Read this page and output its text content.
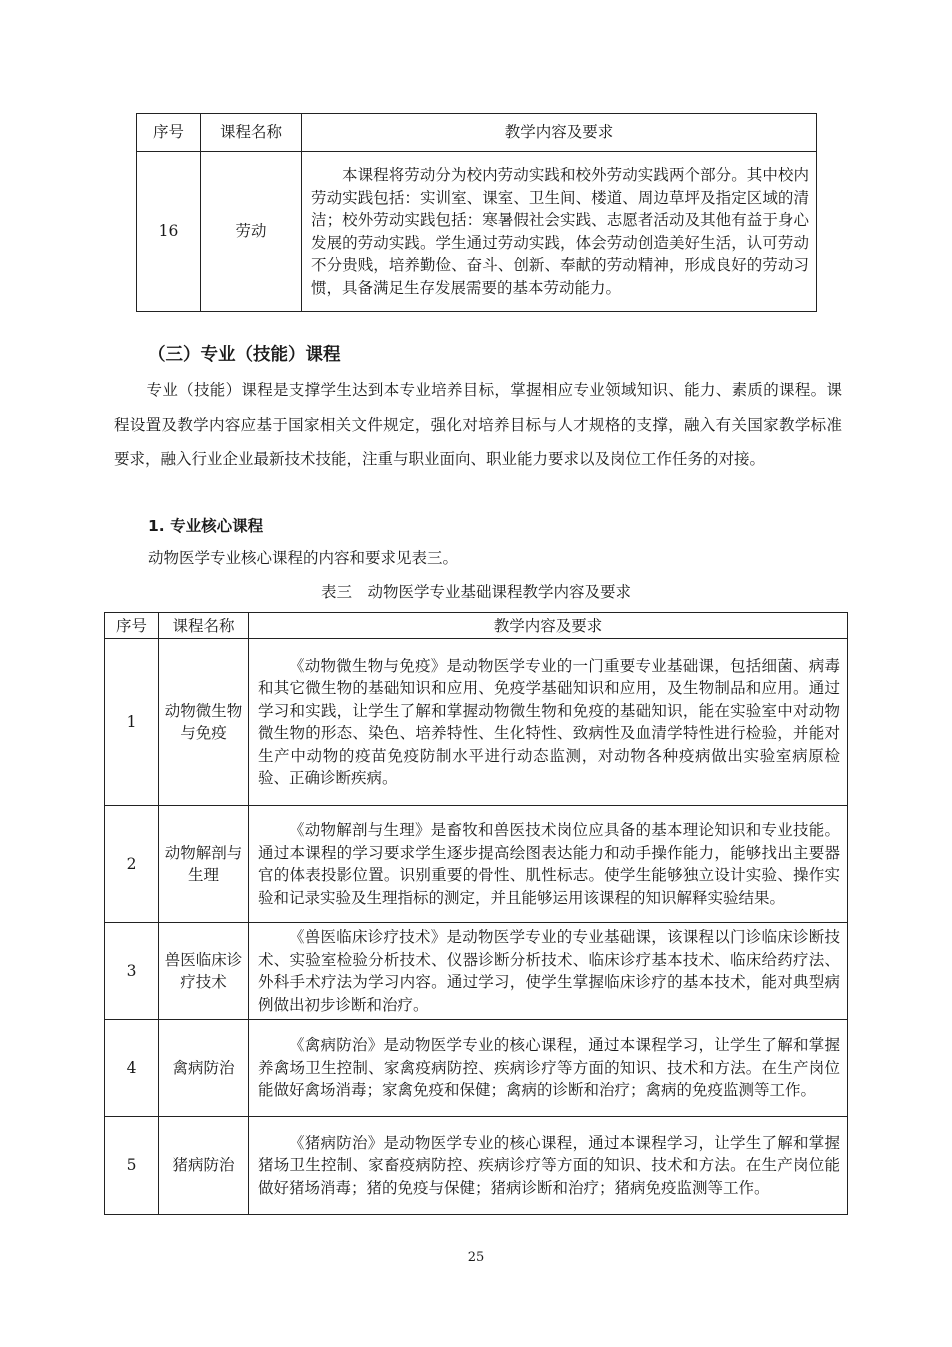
序号	课程名称	教学内容及要求
16	劳动	本课程将劳动分为校内劳动实践和校外劳动实践两个部分。其中校内劳动实践包括：实训室、课室、卫生间、楼道、周边草坪及指定区域的清洁；校外劳动实践包括：寒暑假社会实践、志愿者活动及其他有益于身心发展的劳动实践。学生通过劳动实践，体会劳动创造美好生活，认可劳动不分贵贱，培养勤俭、奋斗、创新、奉献的劳动精神，形成良好的劳动习惯，具备满足生存发展需要的基本劳动能力。
（三）专业（技能）课程
专业（技能）课程是支撑学生达到本专业培养目标，掌握相应专业领域知识、能力、素质的课程。课程设置及教学内容应基于国家相关文件规定，强化对培养目标与人才规格的支撑，融入有关国家教学标准要求，融入行业企业最新技术技能，注重与职业面向、职业能力要求以及岗位工作任务的对接。
1. 专业核心课程
动物医学专业核心课程的内容和要求见表三。
表三　动物医学专业基础课程教学内容及要求
序号	课程名称	教学内容及要求
1	动物微生物与免疫	《动物微生物与免疫》是动物医学专业的一门重要专业基础课，包括细菌、病毒和其它微生物的基础知识和应用、免疫学基础知识和应用，及生物制品和应用。通过学习和实践，让学生了解和掌握动物微生物和免疫的基础知识，能在实验室中对动物微生物的形态、染色、培养特性、生化特性、致病性及血清学特性进行检验，并能对生产中动物的疫苗免疫防制水平进行动态监测，对动物各种疫病做出实验室病原检验、正确诊断疾病。
2	动物解剖与生理	《动物解剖与生理》是畜牧和兽医技术岗位应具备的基本理论知识和专业技能。通过本课程的学习要求学生逐步提高绘图表达能力和动手操作能力，能够找出主要器官的体表投影位置。识别重要的骨性、肌性标志。使学生能够独立设计实验、操作实验和记录实验及生理指标的测定，并且能够运用该课程的知识解释实验结果。
3	兽医临床诊疗技术	《兽医临床诊疗技术》是动物医学专业的专业基础课，该课程以门诊临床诊断技术、实验室检验分析技术、仪器诊断分析技术、临床诊疗基本技术、临床给药疗法、外科手术疗法为学习内容。通过学习，使学生掌握临床诊疗的基本技术，能对典型病例做出初步诊断和治疗。
4	禽病防治	《禽病防治》是动物医学专业的核心课程，通过本课程学习，让学生了解和掌握养禽场卫生控制、家禽疫病防控、疾病诊疗等方面的知识、技术和方法。在生产岗位能做好禽场消毒；家禽免疫和保健；禽病的诊断和治疗；禽病的免疫监测等工作。
5	猪病防治	《猪病防治》是动物医学专业的核心课程，通过本课程学习，让学生了解和掌握猪场卫生控制、家畜疫病防控、疾病诊疗等方面的知识、技术和方法。在生产岗位能做好猪场消毒；猪的免疫与保健；猪病诊断和治疗；猪病免疫监测等工作。
25
